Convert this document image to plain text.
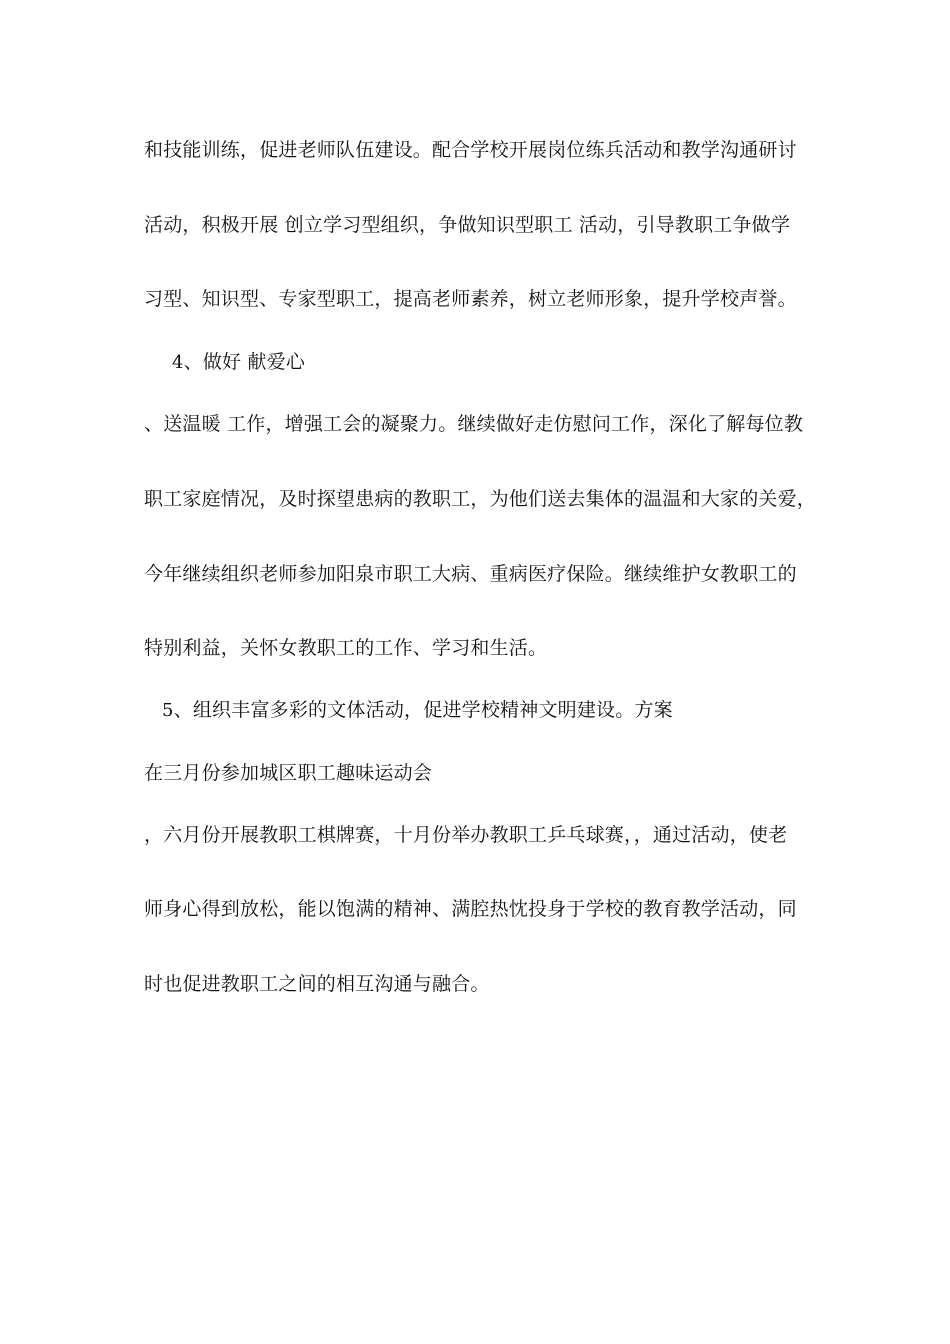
和技能训练，促进老师队伍建设。配合学校开展岗位练兵活动和教学沟通研讨
活动，积极开展 创立学习型组织，争做知识型职工 活动，引导教职工争做学
习型、知识型、专家型职工，提高老师素养，树立老师形象，提升学校声誉。
4、做好 献爱心
、送温暖 工作，增强工会的凝聚力。继续做好走仿慰问工作，深化了解每位教
职工家庭情况，及时探望患病的教职工，为他们送去集体的温温和大家的关爱，
今年继续组织老师参加阳泉市职工大病、重病医疗保险。继续维护女教职工的
特别利益，关怀女教职工的工作、学习和生活。
5、组织丰富多彩的文体活动，促进学校精神文明建设。方案
在三月份参加城区职工趣味运动会
，六月份开展教职工棋牌赛，十月份举办教职工乒乓球赛，，通过活动，使老
师身心得到放松，能以饱满的精神、满腔热忱投身于学校的教育教学活动，同
时也促进教职工之间的相互沟通与融合。
